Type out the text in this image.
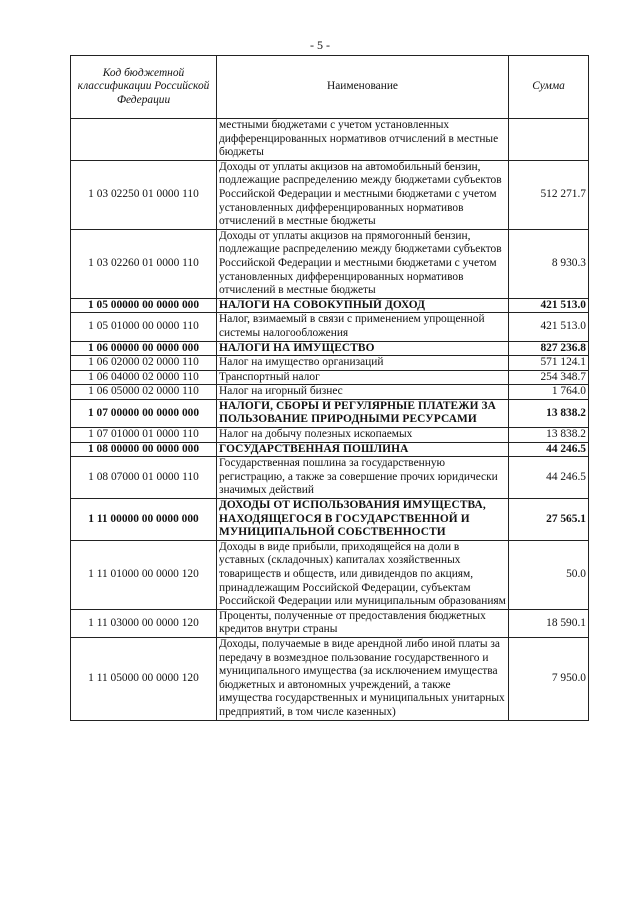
- 5 -
Код бюджетной классификации Российской Федерации	Наименование	Сумма
	местными бюджетами с учетом установленных дифференцированных нормативов отчислений в местные бюджеты	
1 03 02250 01 0000 110	Доходы от уплаты акцизов на автомобильный бензин, подлежащие распределению между бюджетами субъектов Российской Федерации и местными бюджетами с учетом установленных дифференцированных нормативов отчислений в местные бюджеты	512 271.7
1 03 02260 01 0000 110	Доходы от уплаты акцизов на прямогонный бензин, подлежащие распределению между бюджетами субъектов Российской Федерации и местными бюджетами с учетом установленных дифференцированных нормативов отчислений в местные бюджеты	8 930.3
1 05 00000 00 0000 000	НАЛОГИ НА СОВОКУПНЫЙ ДОХОД	421 513.0
1 05 01000 00 0000 110	Налог, взимаемый в связи с применением упрощенной системы налогообложения	421 513.0
1 06 00000 00 0000 000	НАЛОГИ НА ИМУЩЕСТВО	827 236.8
1 06 02000 02 0000 110	Налог на имущество организаций	571 124.1
1 06 04000 02 0000 110	Транспортный налог	254 348.7
1 06 05000 02 0000 110	Налог на игорный бизнес	1 764.0
1 07 00000 00 0000 000	НАЛОГИ, СБОРЫ И РЕГУЛЯРНЫЕ ПЛАТЕЖИ ЗА ПОЛЬЗОВАНИЕ ПРИРОДНЫМИ РЕСУРСАМИ	13 838.2
1 07 01000 01 0000 110	Налог на добычу полезных ископаемых	13 838.2
1 08 00000 00 0000 000	ГОСУДАРСТВЕННАЯ ПОШЛИНА	44 246.5
1 08 07000 01 0000 110	Государственная пошлина за государственную регистрацию, а также за совершение прочих юридически значимых действий	44 246.5
1 11 00000 00 0000 000	ДОХОДЫ ОТ ИСПОЛЬЗОВАНИЯ ИМУЩЕСТВА, НАХОДЯЩЕГОСЯ В ГОСУДАРСТВЕННОЙ И МУНИЦИПАЛЬНОЙ СОБСТВЕННОСТИ	27 565.1
1 11 01000 00 0000 120	Доходы в виде прибыли, приходящейся на доли в уставных (складочных) капиталах хозяйственных товариществ и обществ, или дивидендов по акциям, принадлежащим Российской Федерации, субъектам Российской Федерации или муниципальным образованиям	50.0
1 11 03000 00 0000 120	Проценты, полученные от предоставления бюджетных кредитов внутри страны	18 590.1
1 11 05000 00 0000 120	Доходы, получаемые в виде арендной либо иной платы за передачу в возмездное пользование государственного и муниципального имущества (за исключением имущества бюджетных и автономных учреждений, а также имущества государственных и муниципальных унитарных предприятий, в том числе казенных)	7 950.0
